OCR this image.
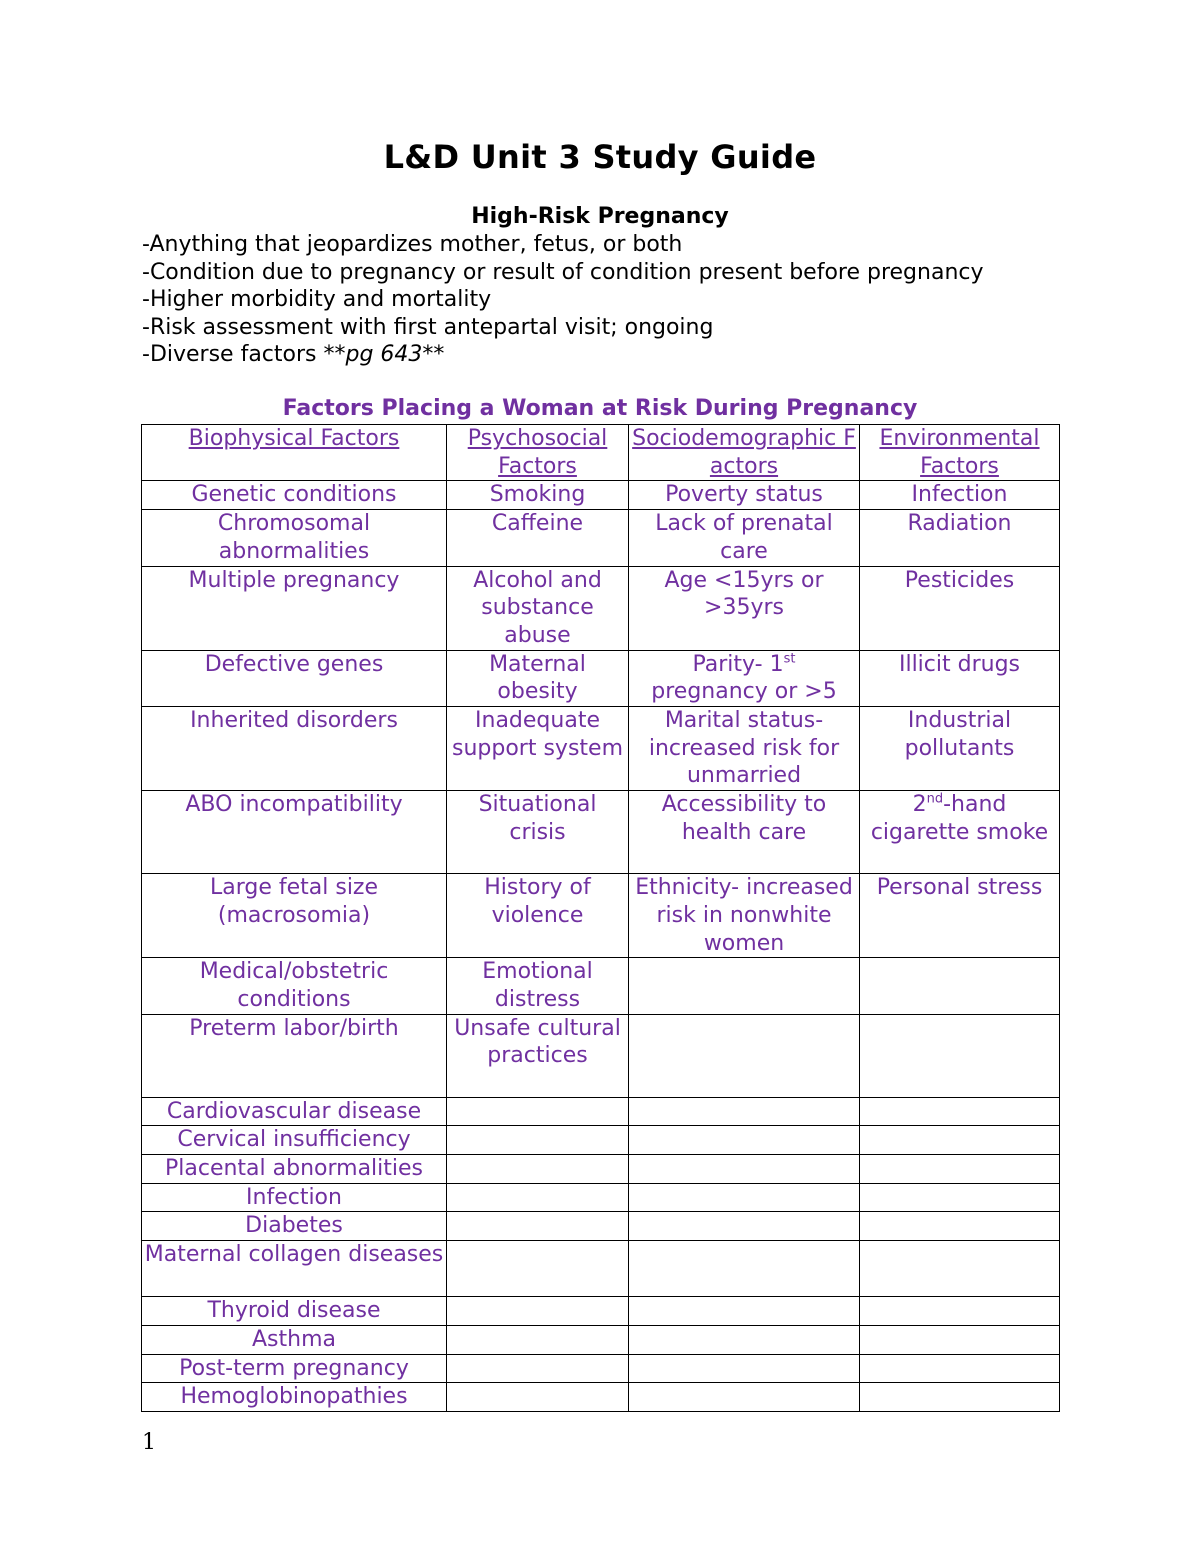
L&D Unit 3 Study Guide
High-Risk Pregnancy
-Anything that jeopardizes mother, fetus, or both
-Condition due to pregnancy or result of condition present before pregnancy
-Higher morbidity and mortality
-Risk assessment with first antepartal visit; ongoing
-Diverse factors **pg 643**
Factors Placing a Woman at Risk During Pregnancy
Biophysical Factors	Psychosocial Factors	Sociodemographic Factors	Environmental Factors
Genetic conditions	Smoking	Poverty status	Infection
Chromosomal abnormalities	Caffeine	Lack of prenatal care	Radiation
Multiple pregnancy	Alcohol and substance abuse	Age <15yrs or >35yrs	Pesticides
Defective genes	Maternal obesity	Parity- 1st pregnancy or >5	Illicit drugs
Inherited disorders	Inadequate support system	Marital status- increased risk for unmarried	Industrial pollutants
ABO incompatibility	Situational crisis	Accessibility to health care	2nd-hand cigarette smoke
Large fetal size (macrosomia)	History of violence	Ethnicity- increased risk in nonwhite women	Personal stress
Medical/obstetric conditions	Emotional distress		
Preterm labor/birth	Unsafe cultural practices		
Cardiovascular disease			
Cervical insufficiency			
Placental abnormalities			
Infection			
Diabetes			
Maternal collagen diseases			
Thyroid disease			
Asthma			
Post-term pregnancy			
Hemoglobinopathies			
1
